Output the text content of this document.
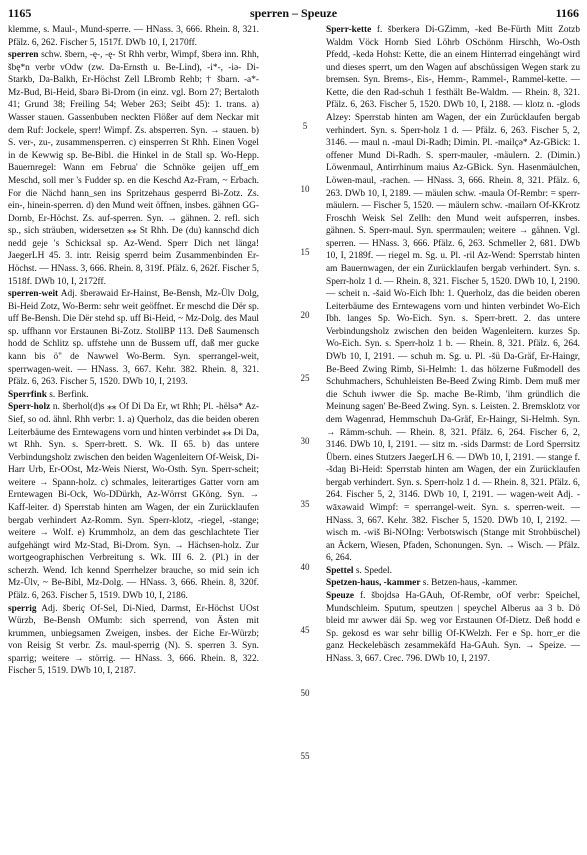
1165	sperren – Speuze	1166

klemme, s. Maul-, Mund-sperre. — HNass. 3, 666. Rhein. 8, 321. Pfälz. 6, 262. Fischer 5, 1517f. DWb 10, I, 2170ff.

sperren schw. šbern, -ę-, -ę- St Rhh verbr, Wimpf, šberə inn. Rhh, šbę*n verbr vOdw (zw. Da-Ernsth u. Be-Lind), -i*-, -iə- Di-Starkb, Da-Balkh, Er-Höchst Zell LBromb Rehb; † šbarn. -a*- Mz-Bud, Bi-Heid, šbarə Bi-Drom (in einz. vgl. Born 27; Bertaloth 41; Grund 38; Freiling 54; Weber 263; Seibt 45): 1. trans. a) Wasser stauen. Gassenbuben neckten Flößer auf dem Neckar mit dem Ruf: Jockele, sperr! Wimpf. Zs. absperren. Syn. → stauen. b) S. ver-, zu-, zusammensperren. c) einsperren St Rhh. Einen Vogel in de Kewwig sp. Be-Bibl. die Hinkel in de Stall sp. Wo-Hepp. Bauernregel: Wann em Februa' die Schnöke geijen uff_em Meschd, soll mer 's Fudder sp. en die Keschd Az-Fram, ~ Erbach. For die Nächd hann_sen ins Spritzehaus gesperrd Bi-Zotz. Zs. ein-, hinein-sperren. d) den Mund weit öffnen, insbes. gähnen GG-Dornb, Er-Höchst. Zs. auf-sperren. Syn. → gähnen. 2. refl. sich sp., sich sträuben, widersetzen ⁎⁎ St Rhh. De (du) kannschd dich nedd geje 's Schicksal sp. Az-Wend. Sperr Dich net länga! JaegerLH 45. 3. intr. Reisig sperrd beim Zusammenbinden Er-Höchst. — HNass. 3, 666. Rhein. 8, 319f. Pfälz. 6, 262f. Fischer 5, 1518f. DWb 10, I, 2172ff.

sperren-weit Adj. šberəwaid Er-Hainst, Be-Bensh, Mz-Ülv Dolg, Bi-Heid Zotz, Wo-Berm: sehr weit geöffnet. Er meschd die Dër sp. uff Be-Bensh. Die Dër stehd sp. uff Bi-Heid, ~ Mz-Dolg. des Maul sp. uffhann vor Erstaunen Bi-Zotz. StollBP 113. Deß Saumensch hodd de Schlitz sp. uffstehe unn de Bussem uff, daß mer gucke kann bis ö" de Nawwel Wo-Berm. Syn. sperrangel-weit, sperrwagen-weit. — HNass. 3, 667. Kehr. 382. Rhein. 8, 321. Pfälz. 6, 263. Fischer 5, 1520. DWb 10, I, 2193.

Sperrfink s. Berfink.

Sperr-holz n. šberhol(d)s ⁎⁎ Of Di Da Er, wt Rhh; Pl. -hëlsə* Az-Sief, so od. ähnl. Rhh verbr: 1. a) Querholz, das die beiden oberen Leiterbäume des Erntewagens vorn und hinten verbindet ⁎⁎ Di Da, wt Rhh. Syn. s. Sperr-brett. S. Wk. II 65. b) das untere Verbindungsholz zwischen den beiden Wagenleitern Of-Weisk, Di-Harr Urb, Er-OOst, Mz-Weis Nierst, Wo-Osth. Syn. Sperr-scheit; weitere → Spann-holz. c) schmales, leiterartiges Gatter vorn am Erntewagen Bi-Ock, Wo-DDürkh, Az-Wörrst GKöng. Syn. → Kaff-leiter. d) Sperrstab hinten am Wagen, der ein Zurücklaufen bergab verhindert Az-Romm. Syn. Sperr-klotz, -riegel, -stange; weitere → Wolf. e) Krummholz, an dem das geschlachtete Tier aufgehängt wird Mz-Stad, Bi-Drom. Syn. → Hächsen-holz. Zur wortgeographischen Verbreitung s. Wk. III 6. 2. (Pl.) in der scherzh. Wend. Ich kennd Sperrhelzer brauche, so mid sein ich Mz-Ülv, ~ Be-Bibl, Mz-Dolg. — HNass. 3, 666. Rhein. 8, 320f. Pfälz. 6, 263. Fischer 5, 1519. DWb 10, I, 2186.

sperrig Adj. šberiç Of-Sel, Di-Nied, Darmst, Er-Höchst UOst Würzb, Be-Bensh OMumb: sich sperrend, von Ästen mit krummen, unbiegsamen Zweigen, insbes. der Eiche Er-Würzb; von Reisig St verbr. Zs. maul-sperrig (N). S. sperren 3. Syn. sparrig; weitere → störrig. — HNass. 3, 666. Rhein. 8, 322. Fischer 5, 1519. DWb 10, I, 2187.

5
10
15
20
25
30
35
40
45
50
55

Sperr-kette f. šberkerə Di-GZimm, -ked Be-Fürth Mitt Zotzb Waldm Vöck Hornb Sied Löhrb OSchönm Hirschh, Wo-Osth Pfedd, -kedə Hohst: Kette, die an einem Hinterrad eingehängt wird und dieses sperrt, um den Wagen auf abschüssigen Wegen stark zu bremsen. Syn. Brems-, Eis-, Hemm-, Rammel-, Rammel-kette. — Kette, die den Rad-schuh 1 festhält Be-Waldm. — Rhein. 8, 321. Pfälz. 6, 263. Fischer 5, 1520. DWb 10, I, 2188. — klotz n. -glods Alzey: Sperrstab hinten am Wagen, der ein Zurücklaufen bergab verhindert. Syn. s. Sperr-holz 1 d. — Pfälz. 6, 263. Fischer 5, 2, 3146. — maul n. -maul Di-Radh; Dimin. Pl. -mailçə* Az-GBick: 1. offener Mund Di-Radh. S. sperr-mauler, -mäulern. 2. (Dimin.) Löwenmaul, Antirrhinum maius Az-GBick. Syn. Hasenmäulchen, Löwen-maul, -rachen. — HNass. 3, 666. Rhein. 8, 321. Pfälz. 6, 263. DWb 10, I, 2189. — mäulen schw. -maulə Of-Rembr: = sperr-mäulern. — Fischer 5, 1520. — mäulern schw. -mailərn Of-KKrotz Froschh Weisk Sel Zellh: den Mund weit aufsperren, insbes. gähnen. S. Sperr-maul. Syn. sperrmaulen; weitere → gähnen. Vgl. sperren. — HNass. 3, 666. Pfälz. 6, 263. Schmeller 2, 681. DWb 10, I, 2189f. — riegel m. Sg. u. Pl. -ril Az-Wend: Sperrstab hinten am Bauernwagen, der ein Zurücklaufen bergab verhindert. Syn. s. Sperr-holz 1 d. — Rhein. 8, 321. Fischer 5, 1520. DWb 10, I, 2190. — scheit n. -šaid Wo-Eich Ibh: 1. Querholz, das die beiden oberen Leiterbäume des Erntewagens vorn und hinten verbindet Wo-Eich Ibh. langes Sp. Wo-Eich. Syn. s. Sperr-brett. 2. das untere Verbindungsholz zwischen den beiden Wagenleitern. kurzes Sp. Wo-Eich. Syn. s. Sperr-holz 1 b. — Rhein. 8, 321. Pfälz. 6, 264. DWb 10, I, 2191. — schuh m. Sg. u. Pl. -šü Da-Gräf, Er-Haingr, Be-Beed Zwing Rimb, Si-Helmh: 1. das hölzerne Fußmodell des Schuhmachers, Schuhleisten Be-Beed Zwing Rimb. Dem muß mer die Schuh iwwer die Sp. mache Be-Rimb, 'ihm gründlich die Meinung sagen' Be-Beed Zwing. Syn. s. Leisten. 2. Bremsklotz vor dem Wagenrad, Hemmschuh Da-Gräf, Er-Haingr, Si-Helmh. Syn. → Rämm-schuh. — Rhein. 8, 321. Pfälz. 6, 264. Fischer 6, 2, 3146. DWb 10, I, 2191. — sitz m. -sids Darmst: de Lord Sperrsitz Übern. eines Stutzers JaegerLH 6. — DWb 10, I, 2191. — stange f. -šdaŋ Bi-Heid: Sperrstab hinten am Wagen, der ein Zurücklaufen bergab verhindert. Syn. s. Sperr-holz 1 d. — Rhein. 8, 321. Pfälz. 6, 264. Fischer 5, 2, 3146. DWb 10, I, 2191. — wagen-weit Adj. -wāxəwaid Wimpf: = sperrangel-weit. Syn. s. sperren-weit. — HNass. 3, 667. Kehr. 382. Fischer 5, 1520. DWb 10, I, 2192. — wisch m. -wiš Bi-NOIng: Verbotswisch (Stange mit Strohbüschel) an Äckern, Wiesen, Pfaden, Schonungen. Syn. → Wisch. — Pfälz. 6, 264.

Spettel s. Spedel.

Spetzen-haus, -kammer s. Betzen-haus, -kammer.

Speuze f. šbojdsə Ha-GAuh, Of-Rembr, oOf verbr: Speichel, Mundschleim. Sputum, speutzen | speychel Alberus aa 3 b. Dö bleid mr awwer däi Sp. weg vor Erstaunen Of-Dietz. Deß hodd e Sp. gekosd es war sehr billig Of-KWelzh. Fer e Sp. horr_er die ganz Heckelebäsch zesammekäfd Ha-GAuh. Syn. → Speize. — HNass. 3, 667. Crec. 796. DWb 10, I, 2197.
